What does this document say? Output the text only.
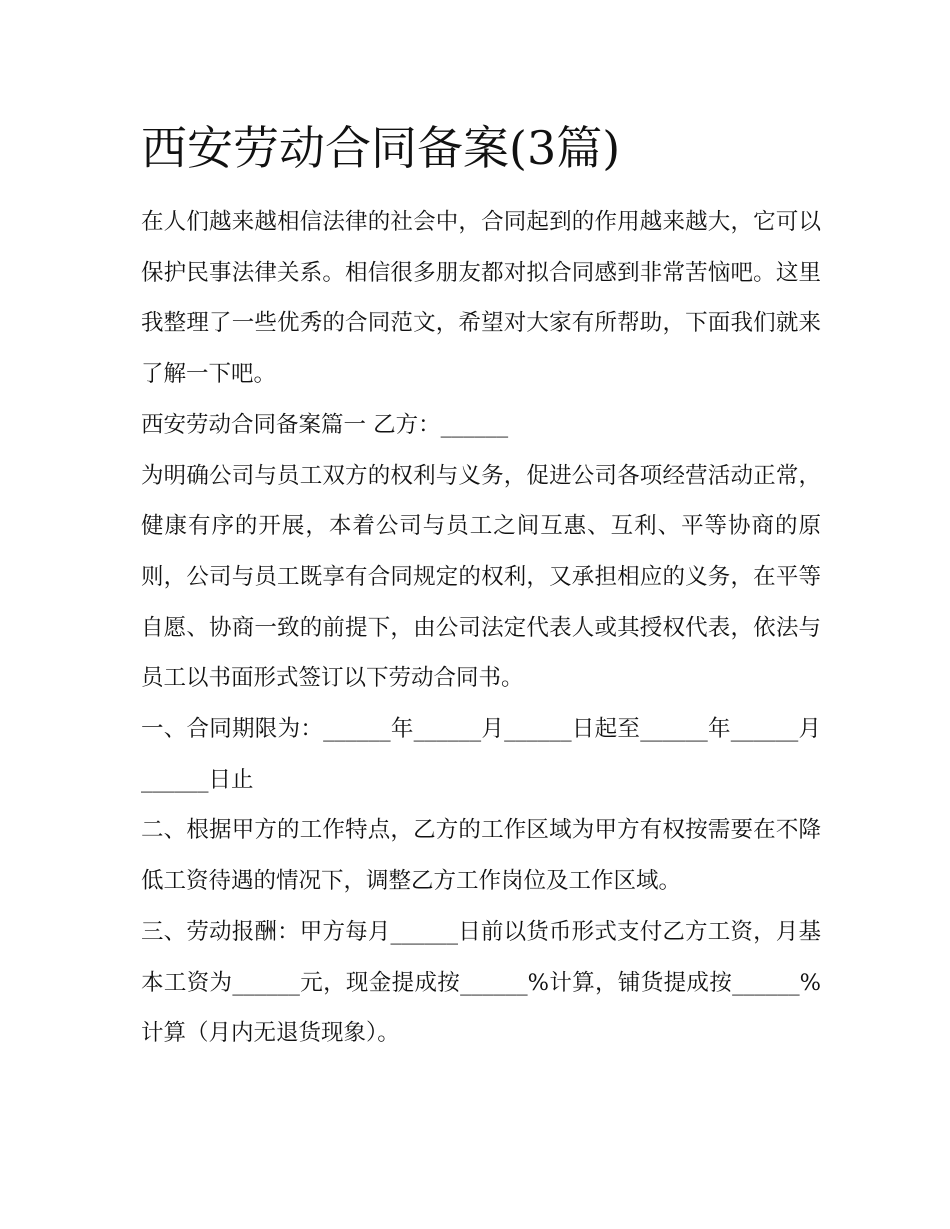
西安劳动合同备案(3篇)

在人们越来越相信法律的社会中，合同起到的作用越来越大，它可以保护民事法律关系。相信很多朋友都对拟合同感到非常苦恼吧。这里我整理了一些优秀的合同范文，希望对大家有所帮助，下面我们就来了解一下吧。

西安劳动合同备案篇一 乙方：______

为明确公司与员工双方的权利与义务，促进公司各项经营活动正常，健康有序的开展，本着公司与员工之间互惠、互利、平等协商的原则，公司与员工既享有合同规定的权利，又承担相应的义务，在平等自愿、协商一致的前提下，由公司法定代表人或其授权代表，依法与员工以书面形式签订以下劳动合同书。

一、合同期限为：______年______月______日起至______年______月______日止

二、根据甲方的工作特点，乙方的工作区域为甲方有权按需要在不降低工资待遇的情况下，调整乙方工作岗位及工作区域。

三、劳动报酬：甲方每月______日前以货币形式支付乙方工资，月基本工资为______元，现金提成按______%计算，铺货提成按______%计算（月内无退货现象）。
